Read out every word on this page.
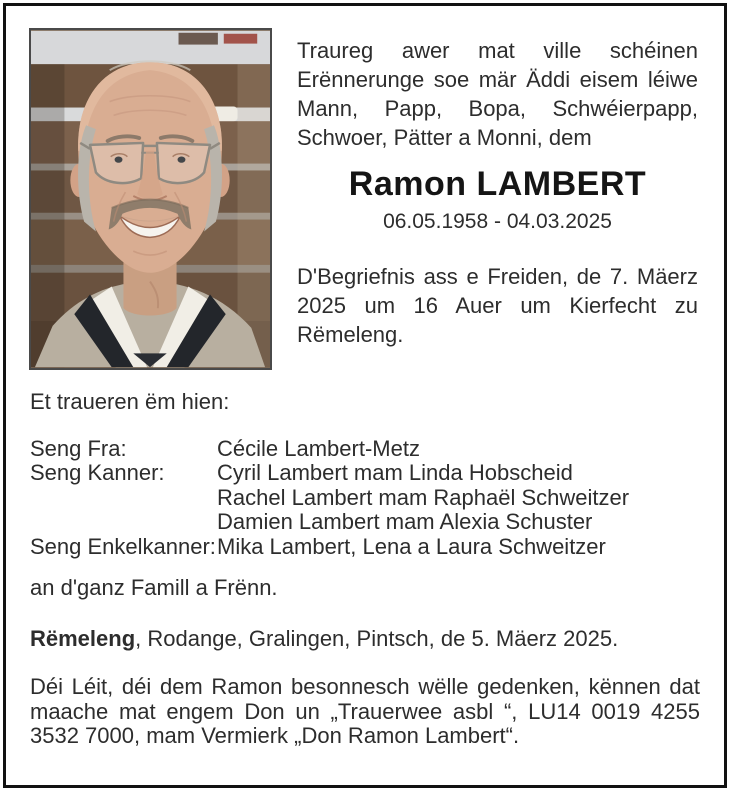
Traureg awer mat ville schéinen Erënnerunge soe mär Äddi eisem léiwe Mann, Papp, Bopa, Schwéierpapp, Schwoer, Pätter a Monni, dem

Ramon LAMBERT
06.05.1958 - 04.03.2025

D'Begriefnis ass e Freiden, de 7. Mäerz 2025 um 16 Auer um Kierfecht zu Rëmeleng.

Et traueren ëm hien:

Seng Fra:	Cécile Lambert-Metz
Seng Kanner: Cyril Lambert mam Linda Hobscheid
Rachel Lambert mam Raphaël Schweitzer
Damien Lambert mam Alexia Schuster
Seng Enkelkanner:Mika Lambert, Lena a Laura Schweitzer

an d'ganz Famill a Frënn.

Rëmeleng, Rodange, Gralingen, Pintsch, de 5. Mäerz 2025.

Déi Léit, déi dem Ramon besonnesch wëlle gedenken, kënnen dat maache mat engem Don un „Trauerwee asbl “, LU14 0019 4255 3532 7000, mam Vermierk „Don Ramon Lambert“.
